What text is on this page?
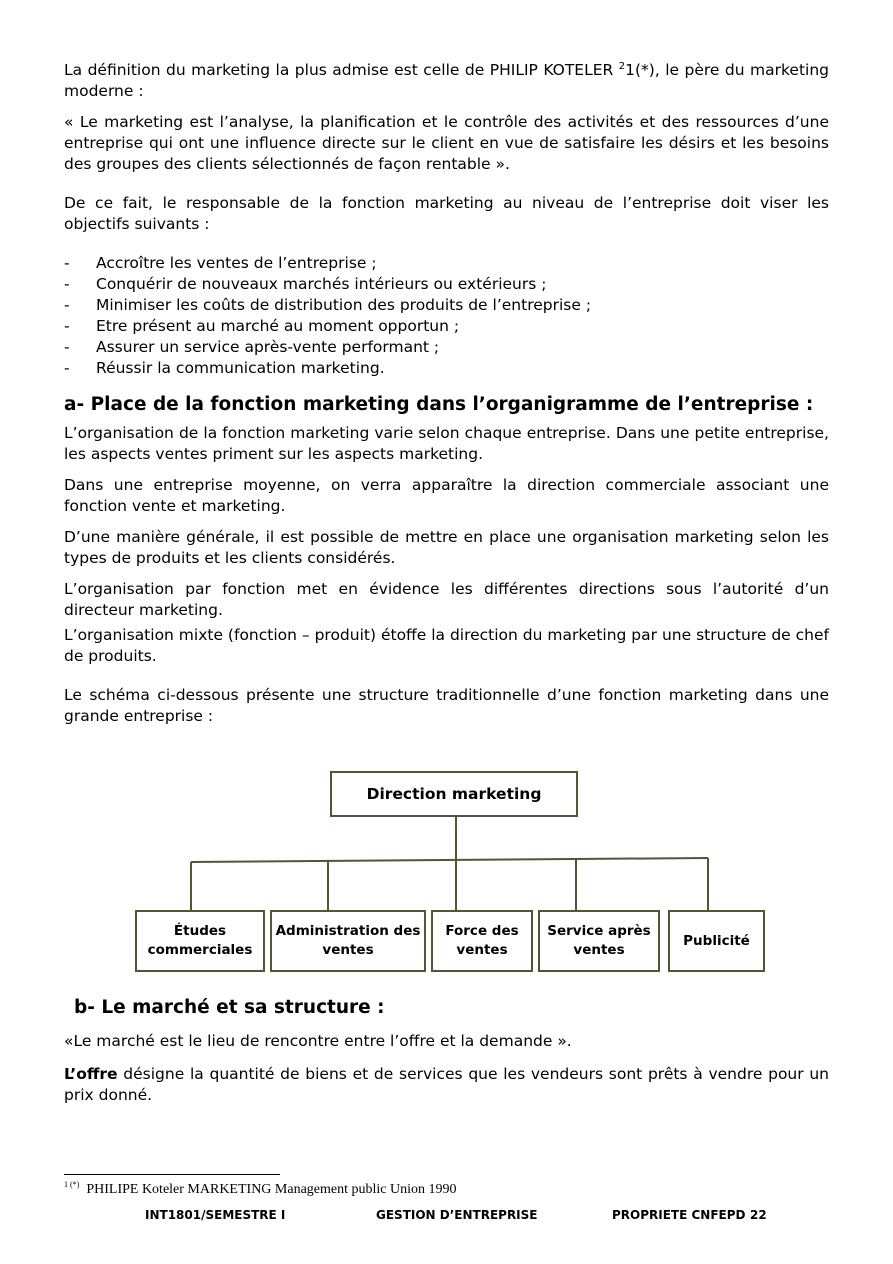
La définition du marketing la plus admise est celle de PHILIP KOTELER $^2$1(*), le père du marketing moderne :

« Le marketing est l’analyse, la planification et le contrôle des activités et des ressources d’une entreprise qui ont une influence directe sur le client en vue de satisfaire les désirs et les besoins des groupes des clients sélectionnés de façon rentable ».

De ce fait, le responsable de la fonction marketing au niveau de l’entreprise doit viser les objectifs suivants :

- Accroître les ventes de l’entreprise ;
- Conquérir de nouveaux marchés intérieurs ou extérieurs ;
- Minimiser les coûts de distribution des produits de l’entreprise ;
- Etre présent au marché au moment opportun ;
- Assurer un service après-vente performant ;
- Réussir la communication marketing.
a- Place de la fonction marketing dans l’organigramme de l’entreprise :

L’organisation de la fonction marketing varie selon chaque entreprise. Dans une petite entreprise, les aspects ventes priment sur les aspects marketing.

Dans une entreprise moyenne, on verra apparaître la direction commerciale associant une fonction vente et marketing.

D’une manière générale, il est possible de mettre en place une organisation marketing selon les types de produits et les clients considérés.

L’organisation par fonction met en évidence les différentes directions sous l’autorité d’un directeur marketing.

L’organisation mixte (fonction – produit) étoffe la direction du marketing par une structure de chef de produits.

Le schéma ci-dessous présente une structure traditionnelle d’une fonction marketing dans une grande entreprise :

Direction marketing
Études commerciales
Administration des ventes
Force des ventes
Service après ventes
Publicité
b- Le marché et sa structure :

«Le marché est le lieu de rencontre entre l’offre et la demande ».

L’offre désigne la quantité de biens et de services que les vendeurs sont prêts à vendre pour un prix donné.

$^{1 (*)}$ PHILIPE Koteler MARKETING Management public Union 1990
INT1801/SEMESTRE I	GESTION D’ENTREPRISE	PROPRIETE CNFEPD 22
